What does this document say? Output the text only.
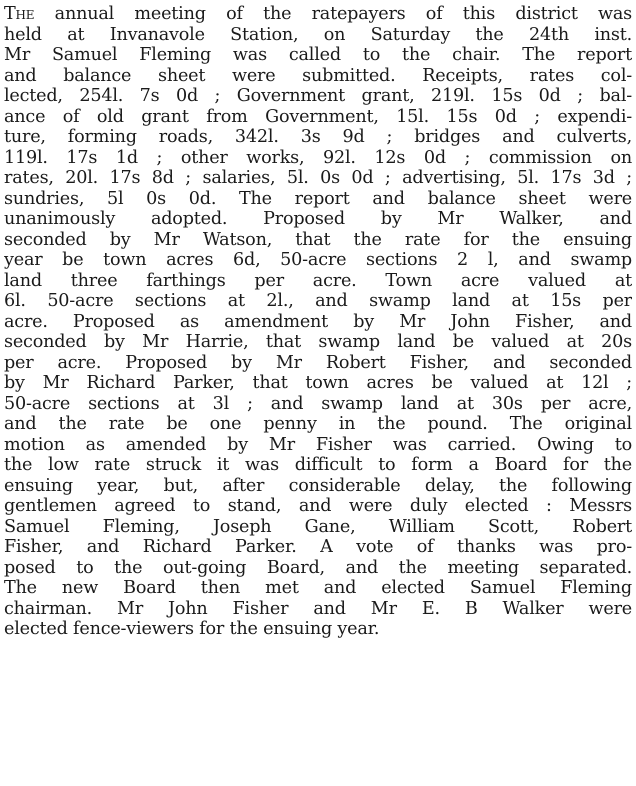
The annual meeting of the ratepayers of this district was
held at Invanavole Station, on Saturday the 24th inst.
Mr Samuel Fleming was called to the chair. The report
and balance sheet were submitted. Receipts, rates col-
lected, 254l. 7s 0d ; Government grant, 219l. 15s 0d ; bal-
ance of old grant from Government, 15l. 15s 0d ; expendi-
ture, forming roads, 342l. 3s 9d ; bridges and culverts,
119l. 17s 1d ; other works, 92l. 12s 0d ; commission on
rates, 20l. 17s 8d ; salaries, 5l. 0s 0d ; advertising, 5l. 17s 3d ;
sundries, 5l 0s 0d. The report and balance sheet were
unanimously adopted. Proposed by Mr Walker, and
seconded by Mr Watson, that the rate for the ensuing
year be town acres 6d, 50-acre sections 2 l, and swamp
land three farthings per acre. Town acre valued at
6l. 50-acre sections at 2l., and swamp land at 15s per
acre. Proposed as amendment by Mr John Fisher, and
seconded by Mr Harrie, that swamp land be valued at 20s
per acre. Proposed by Mr Robert Fisher, and seconded
by Mr Richard Parker, that town acres be valued at 12l ;
50-acre sections at 3l ; and swamp land at 30s per acre,
and the rate be one penny in the pound. The original
motion as amended by Mr Fisher was carried. Owing to
the low rate struck it was difficult to form a Board for the
ensuing year, but, after considerable delay, the following
gentlemen agreed to stand, and were duly elected : Messrs
Samuel Fleming, Joseph Gane, William Scott, Robert
Fisher, and Richard Parker. A vote of thanks was pro-
posed to the out-going Board, and the meeting separated.
The new Board then met and elected Samuel Fleming
chairman. Mr John Fisher and Mr E. B Walker were
elected fence-viewers for the ensuing year.
